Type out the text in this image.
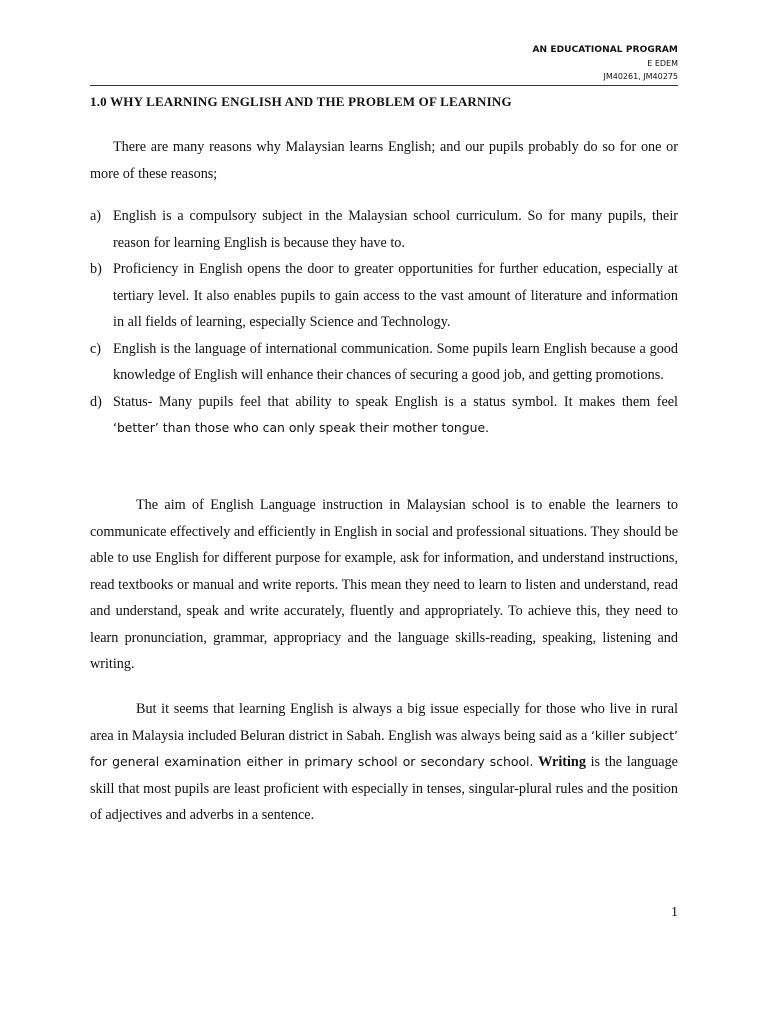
AN EDUCATIONAL PROGRAM
E EDEM
JM40261, JM40275
1.0 WHY LEARNING ENGLISH AND THE PROBLEM OF LEARNING
There are many reasons why Malaysian learns English; and our pupils probably do so for one or more of these reasons;
a) English is a compulsory subject in the Malaysian school curriculum. So for many pupils, their reason for learning English is because they have to.
b) Proficiency in English opens the door to greater opportunities for further education, especially at tertiary level. It also enables pupils to gain access to the vast amount of literature and information in all fields of learning, especially Science and Technology.
c) English is the language of international communication. Some pupils learn English because a good knowledge of English will enhance their chances of securing a good job, and getting promotions.
d) Status- Many pupils feel that ability to speak English is a status symbol. It makes them feel ‘better’ than those who can only speak their mother tongue.
The aim of English Language instruction in Malaysian school is to enable the learners to communicate effectively and efficiently in English in social and professional situations. They should be able to use English for different purpose for example, ask for information, and understand instructions, read textbooks or manual and write reports. This mean they need to learn to listen and understand, read and understand, speak and write accurately, fluently and appropriately. To achieve this, they need to learn pronunciation, grammar, appropriacy and the language skills-reading, speaking, listening and writing.
But it seems that learning English is always a big issue especially for those who live in rural area in Malaysia included Beluran district in Sabah. English was always being said as a ‘killer subject’ for general examination either in primary school or secondary school. Writing is the language skill that most pupils are least proficient with especially in tenses, singular-plural rules and the position of adjectives and adverbs in a sentence.
1
